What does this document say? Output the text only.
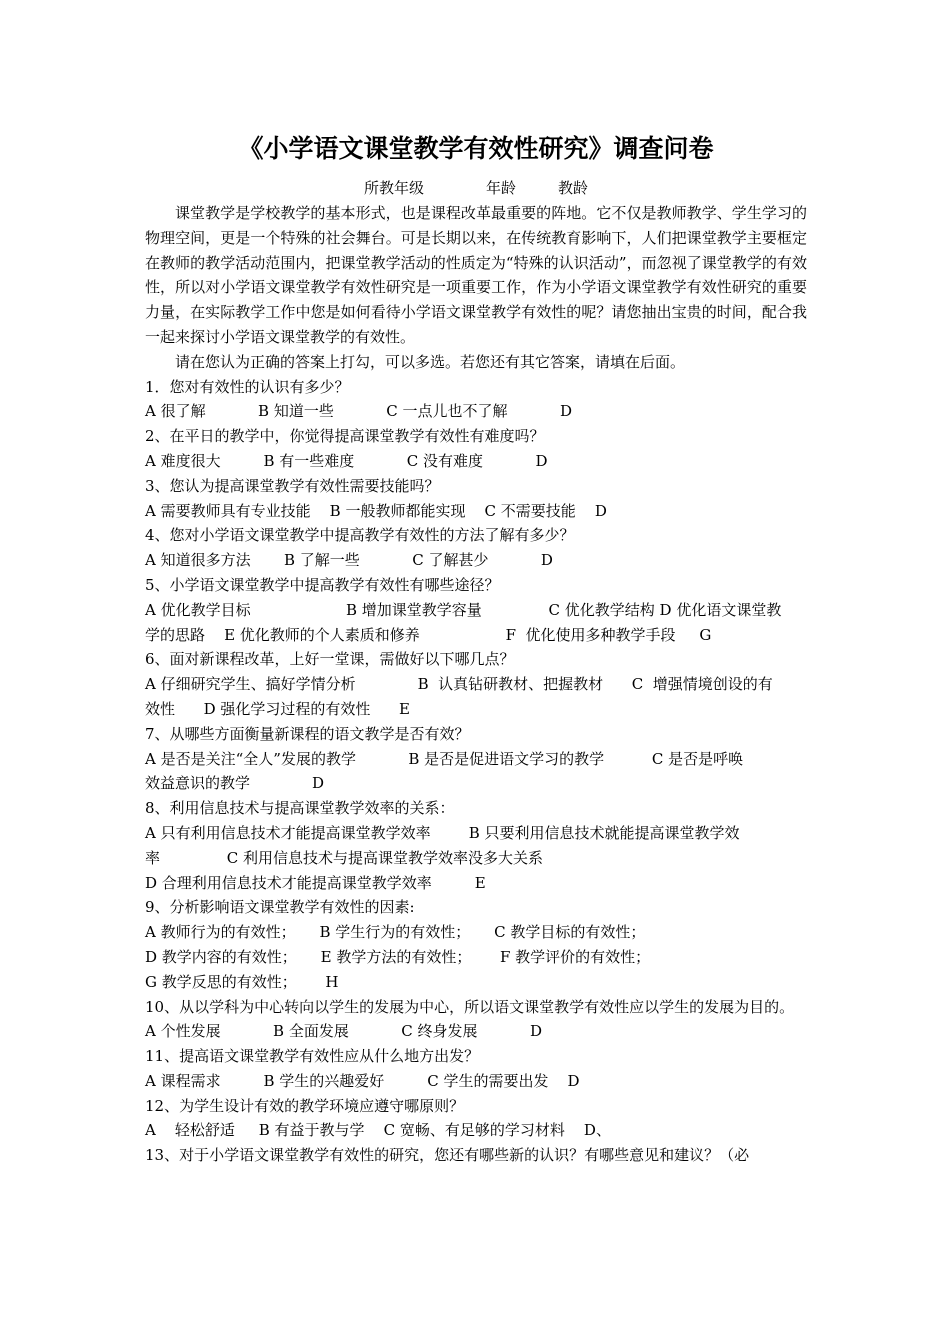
《小学语文课堂教学有效性研究》调查问卷
所教年级	年龄	教龄

课堂教学是学校教学的基本形式，也是课程改革最重要的阵地。它不仅是教师教学、学生学习的物理空间，更是一个特殊的社会舞台。可是长期以来，在传统教育影响下，人们把课堂教学主要框定在教师的教学活动范围内，把课堂教学活动的性质定为“特殊的认识活动”，而忽视了课堂教学的有效性，所以对小学语文课堂教学有效性研究是一项重要工作，作为小学语文课堂教学有效性研究的重要力量，在实际教学工作中您是如何看待小学语文课堂教学有效性的呢？请您抽出宝贵的时间，配合我一起来探讨小学语文课堂教学的有效性。

请在您认为正确的答案上打勾，可以多选。若您还有其它答案，请填在后面。

1．您对有效性的认识有多少？

A 很了解           B 知道一些           C 一点儿也不了解           D

2、在平日的教学中，你觉得提高课堂教学有效性有难度吗？

A 难度很大         B 有一些难度           C 没有难度           D

3、您认为提高课堂教学有效性需要技能吗？

A 需要教师具有专业技能    B 一般教师都能实现    C 不需要技能    D

4、您对小学语文课堂教学中提高教学有效性的方法了解有多少？

A 知道很多方法       B 了解一些           C 了解甚少           D

5、小学语文课堂教学中提高教学有效性有哪些途径？

A 优化教学目标                    B 增加课堂教学容量              C 优化教学结构 D 优化语文课堂教
学的思路    E 优化教师的个人素质和修养                  F  优化使用多种教学手段     G

6、面对新课程改革，上好一堂课，需做好以下哪几点？

A 仔细研究学生、搞好学情分析             B  认真钻研教材、把握教材      C  增强情境创设的有
效性      D 强化学习过程的有效性      E

7、从哪些方面衡量新课程的语文教学是否有效？

A 是否是关注“全人”发展的教学           B 是否是促进语文学习的教学          C 是否是呼唤
效益意识的教学             D

8、利用信息技术与提高课堂教学效率的关系：

A 只有利用信息技术才能提高课堂教学效率        B 只要利用信息技术就能提高课堂教学效
率              C 利用信息技术与提高课堂教学效率没多大关系
D 合理利用信息技术才能提高课堂教学效率         E

9、分析影响语文课堂教学有效性的因素:

A 教师行为的有效性；     B 学生行为的有效性；     C 教学目标的有效性；
D 教学内容的有效性；     E 教学方法的有效性；      F 教学评价的有效性；
G 教学反思的有效性；      H

10、从以学科为中心转向以学生的发展为中心，所以语文课堂教学有效性应以学生的发展为目的。

A 个性发展           B 全面发展           C 终身发展           D

11、提高语文课堂教学有效性应从什么地方出发？

A 课程需求         B 学生的兴趣爱好         C 学生的需要出发    D

12、为学生设计有效的教学环境应遵守哪原则？

A    轻松舒适     B 有益于教与学    C 宽畅、有足够的学习材料    D、

13、对于小学语文课堂教学有效性的研究，您还有哪些新的认识？有哪些意见和建议？（必
